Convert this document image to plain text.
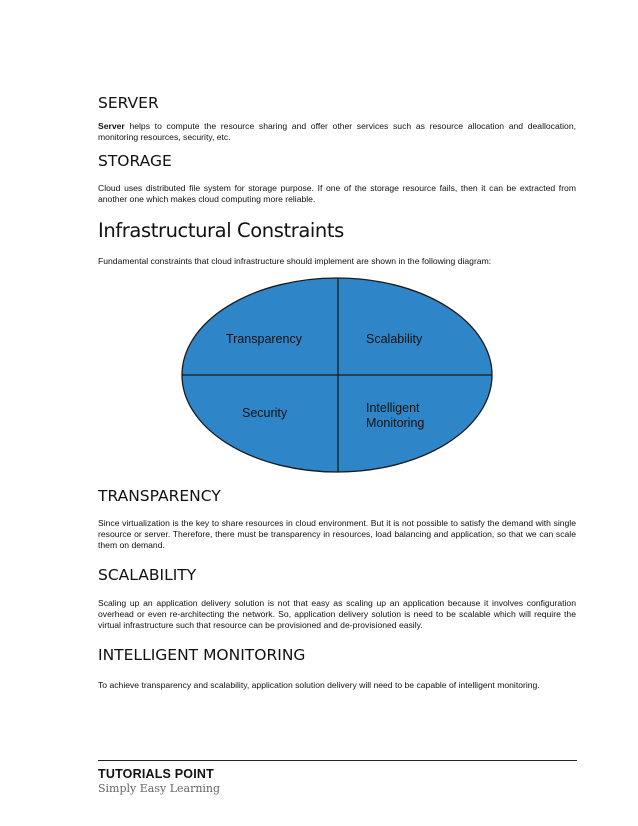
SERVER

Server helps to compute the resource sharing and offer other services such as resource allocation and deallocation, monitoring resources, security, etc.

STORAGE

Cloud uses distributed file system for storage purpose. If one of the storage resource fails, then it can be extracted from another one which makes cloud computing more reliable.

Infrastructural Constraints

Fundamental constraints that cloud infrastructure should implement are shown in the following diagram:

Transparency	Scalability
Security	Intelligent
Monitoring
TRANSPARENCY

Since virtualization is the key to share resources in cloud environment. But it is not possible to satisfy the demand with single resource or server. Therefore, there must be transparency in resources, load balancing and application, so that we can scale them on demand.

SCALABILITY

Scaling up an application delivery solution is not that easy as scaling up an application because it involves configuration overhead or even re-architecting the network. So, application delivery solution is need to be scalable which will require the virtual infrastructure such that resource can be provisioned and de-provisioned easily.

INTELLIGENT MONITORING

To achieve transparency and scalability, application solution delivery will need to be capable of intelligent monitoring.

TUTORIALS POINT

Simply Easy Learning
